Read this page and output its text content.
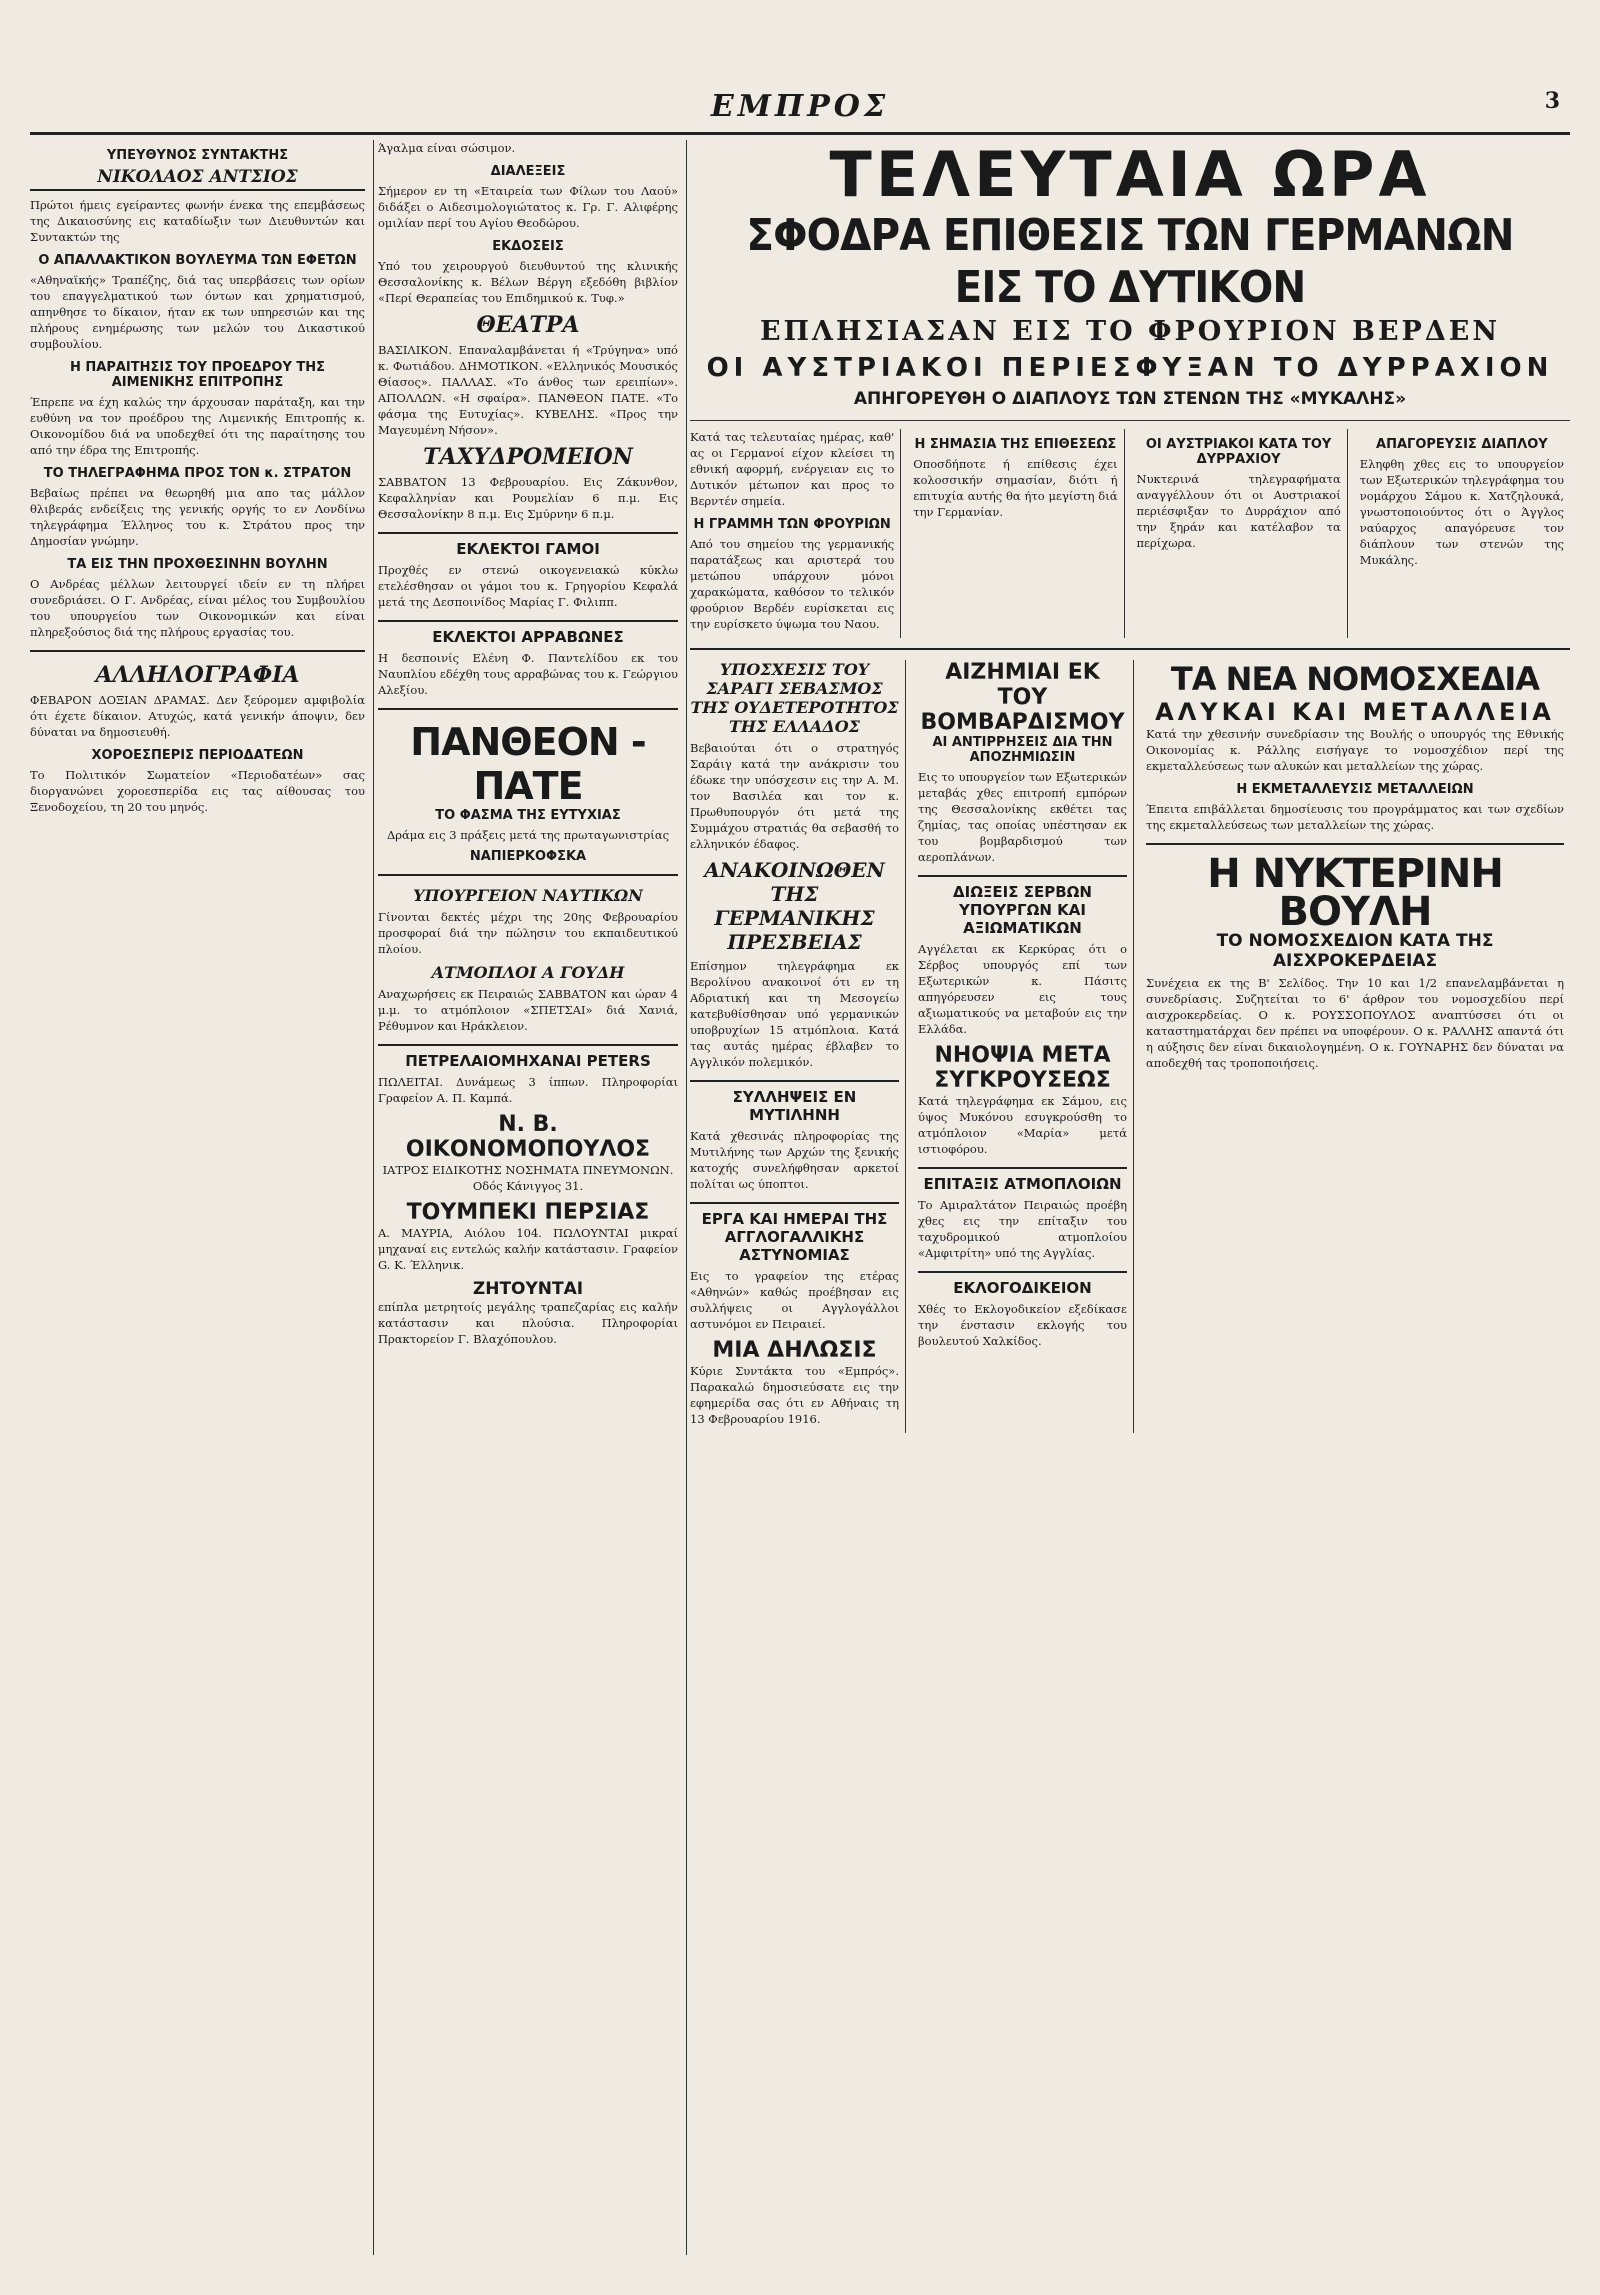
ΕΜΠΡΟΣ	3
ΥΠΕΥΘΥΝΟΣ ΣΥΝΤΑΚΤΗΣ
ΝΙΚΟΛΑΟΣ ΑΝΤΣΙΟΣ

Πρώτοι ήμεις εγείραντες φωνήν ένεκα της επεμβάσεως της Δικαιοσύνης εις καταδίωξιν των Διευθυντών και Συντακτών της

Ο ΑΠΑΛΛΑΚΤΙΚΟΝ ΒΟΥΛΕΥΜΑ ΤΩΝ ΕΦΕΤΩΝ

«Αθηναϊκής» Τραπέζης, διά τας υπερβάσεις των ορίων του επαγγελματικού των όντων και χρηματισμού, απηνθησε το δίκαιον, ήταν εκ των υπηρεσιών και της πλήρους ενημέρωσης των μελών του Δικαστικού συμβουλίου.

Η ΠΑΡΑΙΤΗΣΙΣ ΤΟΥ ΠΡΟΕΔΡΟΥ ΤΗΣ ΑΙΜΕΝΙΚΗΣ ΕΠΙΤΡΟΠΗΣ

Έπρεπε να έχη καλώς την άρχουσαν παράταξη, και την ευθύνη να τον προέδρου της Λιμενικής Επιτροπής κ. Οικονομίδου διά να υποδεχθεί ότι της παραίτησης του από την έδρα της Επιτροπής.

ΤΟ ΤΗΛΕΓΡΑΦΗΜΑ ΠΡΟΣ ΤΟΝ κ. ΣΤΡΑΤΟΝ

Βεβαίως πρέπει να θεωρηθή μια απο τας μάλλον θλιβεράς ενδείξεις της γενικής οργής το εν Λονδίνω τηλεγράφημα Έλληνος του κ. Στράτου προς την Δημοσίαν γνώμην.

ΤΑ ΕΙΣ ΤΗΝ ΠΡΟΧΘΕΣΙΝΗΝ ΒΟΥΛΗΝ

Ο Ανδρέας μέλλων λειτουργεί ιδείν εν τη πλήρει συνεδριάσει. Ο Γ. Ανδρέας, είναι μέλος του Συμβουλίου του υπουργείου των Οικονομικών και είναι πληρεξούσιος διά της πλήρους εργασίας του.

ΑΛΛΗΛΟΓΡΑΦΙΑ

ΦΕΒΑΡΟΝ ΔΟΞΙΑΝ ΔΡΑΜΑΣ. Δεν ξεύρομεν αμφιβολία ότι έχετε δίκαιον. Ατυχώς, κατά γενικήν άποψιν, δεν δύναται να δημοσιευθή.

ΧΟΡΟΕΣΠΕΡΙΣ ΠΕΡΙΟΔΑΤΕΩΝ

Το Πολιτικόν Σωματείον «Περιοδατέων» σας διοργανώνει χοροεσπερίδα εις τας αίθουσας του Ξενοδοχείου, τη 20 του μηνός.

Άγαλμα είναι σώσιμον.

ΔΙΑΛΕΞΕΙΣ

Σήμερον εν τη «Εταιρεία των Φίλων του Λαού» διδάξει ο Αιδεσιμολογιώτατος κ. Γρ. Γ. Αλιφέρης ομιλίαν περί του Αγίου Θεοδώρου.

ΕΚΔΟΣΕΙΣ

Υπό του χειρουργού διευθυντού της κλινικής Θεσσαλονίκης κ. Βέλων Βέργη εξεδόθη βιβλίον «Περί Θεραπείας του Επιδημικού κ. Τυφ.»

ΘΕΑΤΡΑ

ΒΑΣΙΛΙΚΟΝ. Επαναλαμβάνεται ή «Τρύγηνα» υπό κ. Φωτιάδου. ΔΗΜΟΤΙΚΟΝ. «Ελληνικός Μουσικός Θίασος». ΠΑΛΛΑΣ. «Το άνθος των ερειπίων». ΑΠΟΛΛΩΝ. «Η σφαίρα». ΠΑΝΘΕΟΝ ΠΑΤΕ. «Το φάσμα της Ευτυχίας». ΚΥΒΕΛΗΣ. «Προς την Μαγευμένη Νήσον».

ΤΑΧΥΔΡΟΜΕΙΟΝ

ΣΑΒΒΑΤΟΝ 13 Φεβρουαρίου. Εις Ζάκυνθον, Κεφαλληνίαν και Ρουμελίαν 6 π.μ. Εις Θεσσαλονίκην 8 π.μ. Εις Σμύρνην 6 π.μ.

ΕΚΛΕΚΤΟΙ ΓΑΜΟΙ

Προχθές εν στενώ οικογενειακώ κύκλω ετελέσθησαν οι γάμοι του κ. Γρηγορίου Κεφαλά μετά της Δεσποινίδος Μαρίας Γ. Φιλιππ.

ΕΚΛΕΚΤΟΙ ΑΡΡΑΒΩΝΕΣ

Η δεσποινίς Ελένη Φ. Παντελίδου εκ του Ναυπλίου εδέχθη τους αρραβώνας του κ. Γεώργιου Αλεξίου.

ΠΑΝΘΕΟΝ - ΠΑΤΕ
ΤΟ ΦΑΣΜΑ ΤΗΣ ΕΥΤΥΧΙΑΣ

Δράμα εις 3 πράξεις μετά της πρωταγωνιστρίας

ΝΑΠΙΕΡΚΟΦΣΚΑ
ΥΠΟΥΡΓΕΙΟΝ ΝΑΥΤΙΚΩΝ

Γίνονται δεκτές μέχρι της 20ης Φεβρουαρίου προσφοραί διά την πώλησιν του εκπαιδευτικού πλοίου.

ΑΤΜΟΠΛΟΙ Α ΓΟΥΔΗ

Αναχωρήσεις εκ Πειραιώς ΣΑΒΒΑΤΟΝ και ώραν 4 μ.μ. το ατμόπλοιον «ΣΠΕΤΣΑΙ» διά Χανιά, Ρέθυμνον και Ηράκλειον.

ΠΕΤΡΕΛΑΙΟΜΗΧΑΝΑΙ PETERS

ΠΩΛΕΙΤΑΙ. Δυνάμεως 3 ίππων. Πληροφορίαι Γραφείον Α. Π. Καμπά.

Ν. Β. ΟΙΚΟΝΟΜΟΠΟΥΛΟΣ

ΙΑΤΡΟΣ ΕΙΔΙΚΟΤΗΣ ΝΟΣΗΜΑΤΑ ΠΝΕΥΜΟΝΩΝ. Οδός Κάνιγγος 31.

ΤΟΥΜΠΕΚΙ ΠΕΡΣΙΑΣ

Α. ΜΑΥΡΙΑ, Αιόλου 104. ΠΩΛΟΥΝΤΑΙ μικραί μηχαναί εις εντελώς καλήν κατάστασιν. Γραφείον G. K. Έλληνικ.

ΖΗΤΟΥΝΤΑΙ

επίπλα μετρητοίς μεγάλης τραπεζαρίας εις καλήν κατάστασιν και πλούσια. Πληροφορίαι Πρακτορείον Γ. Βλαχόπουλου.

ΤΕΛΕΥΤΑΙΑ ΩΡΑ
ΣΦΟΔΡΑ ΕΠΙΘΕΣΙΣ ΤΩΝ ΓΕΡΜΑΝΩΝ ΕΙΣ ΤΟ ΔΥΤΙΚΟΝ
ΕΠΛΗΣΙΑΣΑΝ ΕΙΣ ΤΟ ΦΡΟΥΡΙΟΝ ΒΕΡΔΕΝ
ΟΙ ΑΥΣΤΡΙΑΚΟΙ ΠΕΡΙΕΣΦΥΞΑΝ ΤΟ ΔΥΡΡΑΧΙΟΝ
ΑΠΗΓΟΡΕΥΘΗ Ο ΔΙΑΠΛΟΥΣ ΤΩΝ ΣΤΕΝΩΝ ΤΗΣ «ΜΥΚΑΛΗΣ»

Κατά τας τελευταίας ημέρας, καθ' ας οι Γερμανοί είχον κλείσει τη εθνική αφορμή, ενέργειαν εις το Δυτικόν μέτωπον και προς το Βερντέν σημεία.

Η ΓΡΑΜΜΗ ΤΩΝ ΦΡΟΥΡΙΩΝ

Από του σημείου της γερμανικής παρατάξεως και αριστερά του μετώπου υπάρχουν μόνοι χαρακώματα, καθόσον το τελικόν φρούριον Βερδέν ευρίσκεται εις την ευρίσκετο ύψωμα του Ναου.

Η ΣΗΜΑΣΙΑ ΤΗΣ ΕΠΙΘΕΣΕΩΣ

Οποσδήποτε ή επίθεσις έχει κολοσσικήν σημασίαν, διότι ή επιτυχία αυτής θα ήτο μεγίστη διά την Γερμανίαν.

ΟΙ ΑΥΣΤΡΙΑΚΟΙ ΚΑΤΑ ΤΟΥ ΔΥΡΡΑΧΙΟΥ

Νυκτερινά τηλεγραφήματα αναγγέλλουν ότι οι Αυστριακοί περιέσφιξαν το Δυρράχιον από την ξηράν και κατέλαβον τα περίχωρα.

ΑΠΑΓΟΡΕΥΣΙΣ ΔΙΑΠΛΟΥ

Εληφθη χθες εις το υπουργείον των Εξωτερικών τηλεγράφημα του νομάρχου Σάμου κ. Χατζηλουκά, γνωστοποιούντος ότι ο Άγγλος ναύαρχος απαγόρευσε τον διάπλουν των στενών της Μυκάλης.

ΥΠΟΣΧΕΣΙΣ ΤΟΥ ΣΑΡΑΓΙ ΣΕΒΑΣΜΟΣ ΤΗΣ ΟΥΔΕΤΕΡΟΤΗΤΟΣ ΤΗΣ ΕΛΛΑΔΟΣ

Βεβαιούται ότι ο στρατηγός Σαράιγ κατά την ανάκρισιν του έδωκε την υπόσχεσιν εις την Α. Μ. τον Βασιλέα και τον κ. Πρωθυπουργόν ότι μετά της Συμμάχου στρατιάς θα σεβασθή το ελληνικόν έδαφος.

ΑΝΑΚΟΙΝΩΘΕΝ ΤΗΣ ΓΕΡΜΑΝΙΚΗΣ ΠΡΕΣΒΕΙΑΣ

Επίσημον τηλεγράφημα εκ Βερολίνου ανακοινοί ότι εν τη Αδριατική και τη Μεσογείω κατεβυθίσθησαν υπό γερμανικών υποβρυχίων 15 ατμόπλοια. Κατά τας αυτάς ημέρας έβλαβεν το Αγγλικόν πολεμικόν.

ΣΥΛΛΗΨΕΙΣ ΕΝ ΜΥΤΙΛΗΝΗ

Κατά χθεσινάς πληροφορίας της Μυτιλήνης των Αρχών της ξενικής κατοχής συνελήφθησαν αρκετοί πολίται ως ύποπτοι.

ΕΡΓΑ ΚΑΙ ΗΜΕΡΑΙ ΤΗΣ ΑΓΓΛΟΓΑΛΛΙΚΗΣ ΑΣΤΥΝΟΜΙΑΣ

Εις το γραφείον της ετέρας «Αθηνών» καθώς προέβησαν εις συλλήψεις οι Αγγλογάλλοι αστυνόμοι εν Πειραιεί.

ΜΙΑ ΔΗΛΩΣΙΣ

Κύριε Συντάκτα του «Εμπρός». Παρακαλώ δημοσιεύσατε εις την εφημερίδα σας ότι εν Αθήναις τη 13 Φεβρουαρίου 1916.

ΑΙΖΗΜΙΑΙ ΕΚ ΤΟΥ ΒΟΜΒΑΡΔΙΣΜΟΥ
ΑΙ ΑΝΤΙΡΡΗΣΕΙΣ ΔΙΑ ΤΗΝ ΑΠΟΖΗΜΙΩΣΙΝ

Εις το υπουργείον των Εξωτερικών μεταβάς χθες επιτροπή εμπόρων της Θεσσαλονίκης εκθέτει τας ζημίας, τας οποίας υπέστησαν εκ του βομβαρδισμού των αεροπλάνων.

ΔΙΩΞΕΙΣ ΣΕΡΒΩΝ ΥΠΟΥΡΓΩΝ ΚΑΙ ΑΞΙΩΜΑΤΙΚΩΝ

Αγγέλεται εκ Κερκύρας ότι ο Σέρβος υπουργός επί των Εξωτερικών κ. Πάσιτς απηγόρευσεν εις τους αξιωματικούς να μεταβούν εις την Ελλάδα.

ΝΗΟΨΙΑ ΜΕΤΑ ΣΥΓΚΡΟΥΣΕΩΣ

Κατά τηλεγράφημα εκ Σάμου, εις ύψος Μυκόνου εσυγκρούσθη το ατμόπλοιον «Μαρία» μετά ιστιοφόρου.

ΕΠΙΤΑΞΙΣ ΑΤΜΟΠΛΟΙΩΝ

Το Αμιραλτάτον Πειραιώς προέβη χθες εις την επίταξιν του ταχυδρομικού ατμοπλοίου «Αμφιτρίτη» υπό της Αγγλίας.

ΕΚΛΟΓΟΔΙΚΕΙΟΝ

Χθές το Εκλογοδικείον εξεδίκασε την ένστασιν εκλογής του βουλευτού Χαλκίδος.

ΤΑ ΝΕΑ ΝΟΜΟΣΧΕΔΙΑ
ΑΛΥΚΑΙ ΚΑΙ ΜΕΤΑΛΛΕΙΑ

Κατά την χθεσινήν συνεδρίασιν της Βουλής ο υπουργός της Εθνικής Οικονομίας κ. Ράλλης εισήγαγε το νομοσχέδιον περί της εκμεταλλεύσεως των αλυκών και μεταλλείων της χώρας.

Η ΕΚΜΕΤΑΛΛΕΥΣΙΣ ΜΕΤΑΛΛΕΙΩΝ

Έπειτα επιβάλλεται δημοσίευσις του προγράμματος και των σχεδίων της εκμεταλλεύσεως των μεταλλείων της χώρας.

Η ΝΥΚΤΕΡΙΝΗ ΒΟΥΛΗ
ΤΟ ΝΟΜΟΣΧΕΔΙΟΝ ΚΑΤΑ ΤΗΣ ΑΙΣΧΡΟΚΕΡΔΕΙΑΣ

Συνέχεια εκ της Β' Σελίδος. Την 10 και 1/2 επανελαμβάνεται η συνεδρίασις. Συζητείται το 6' άρθρον του νομοσχεδίου περί αισχροκερδείας. Ο κ. ΡΟΥΣΣΟΠΟΥΛΟΣ αναπτύσσει ότι οι καταστηματάρχαι δεν πρέπει να υποφέρουν. Ο κ. ΡΑΛΛΗΣ απαντά ότι η αύξησις δεν είναι δικαιολογημένη. Ο κ. ΓΟΥΝΑΡΗΣ δεν δύναται να αποδεχθή τας τροποποιήσεις.
